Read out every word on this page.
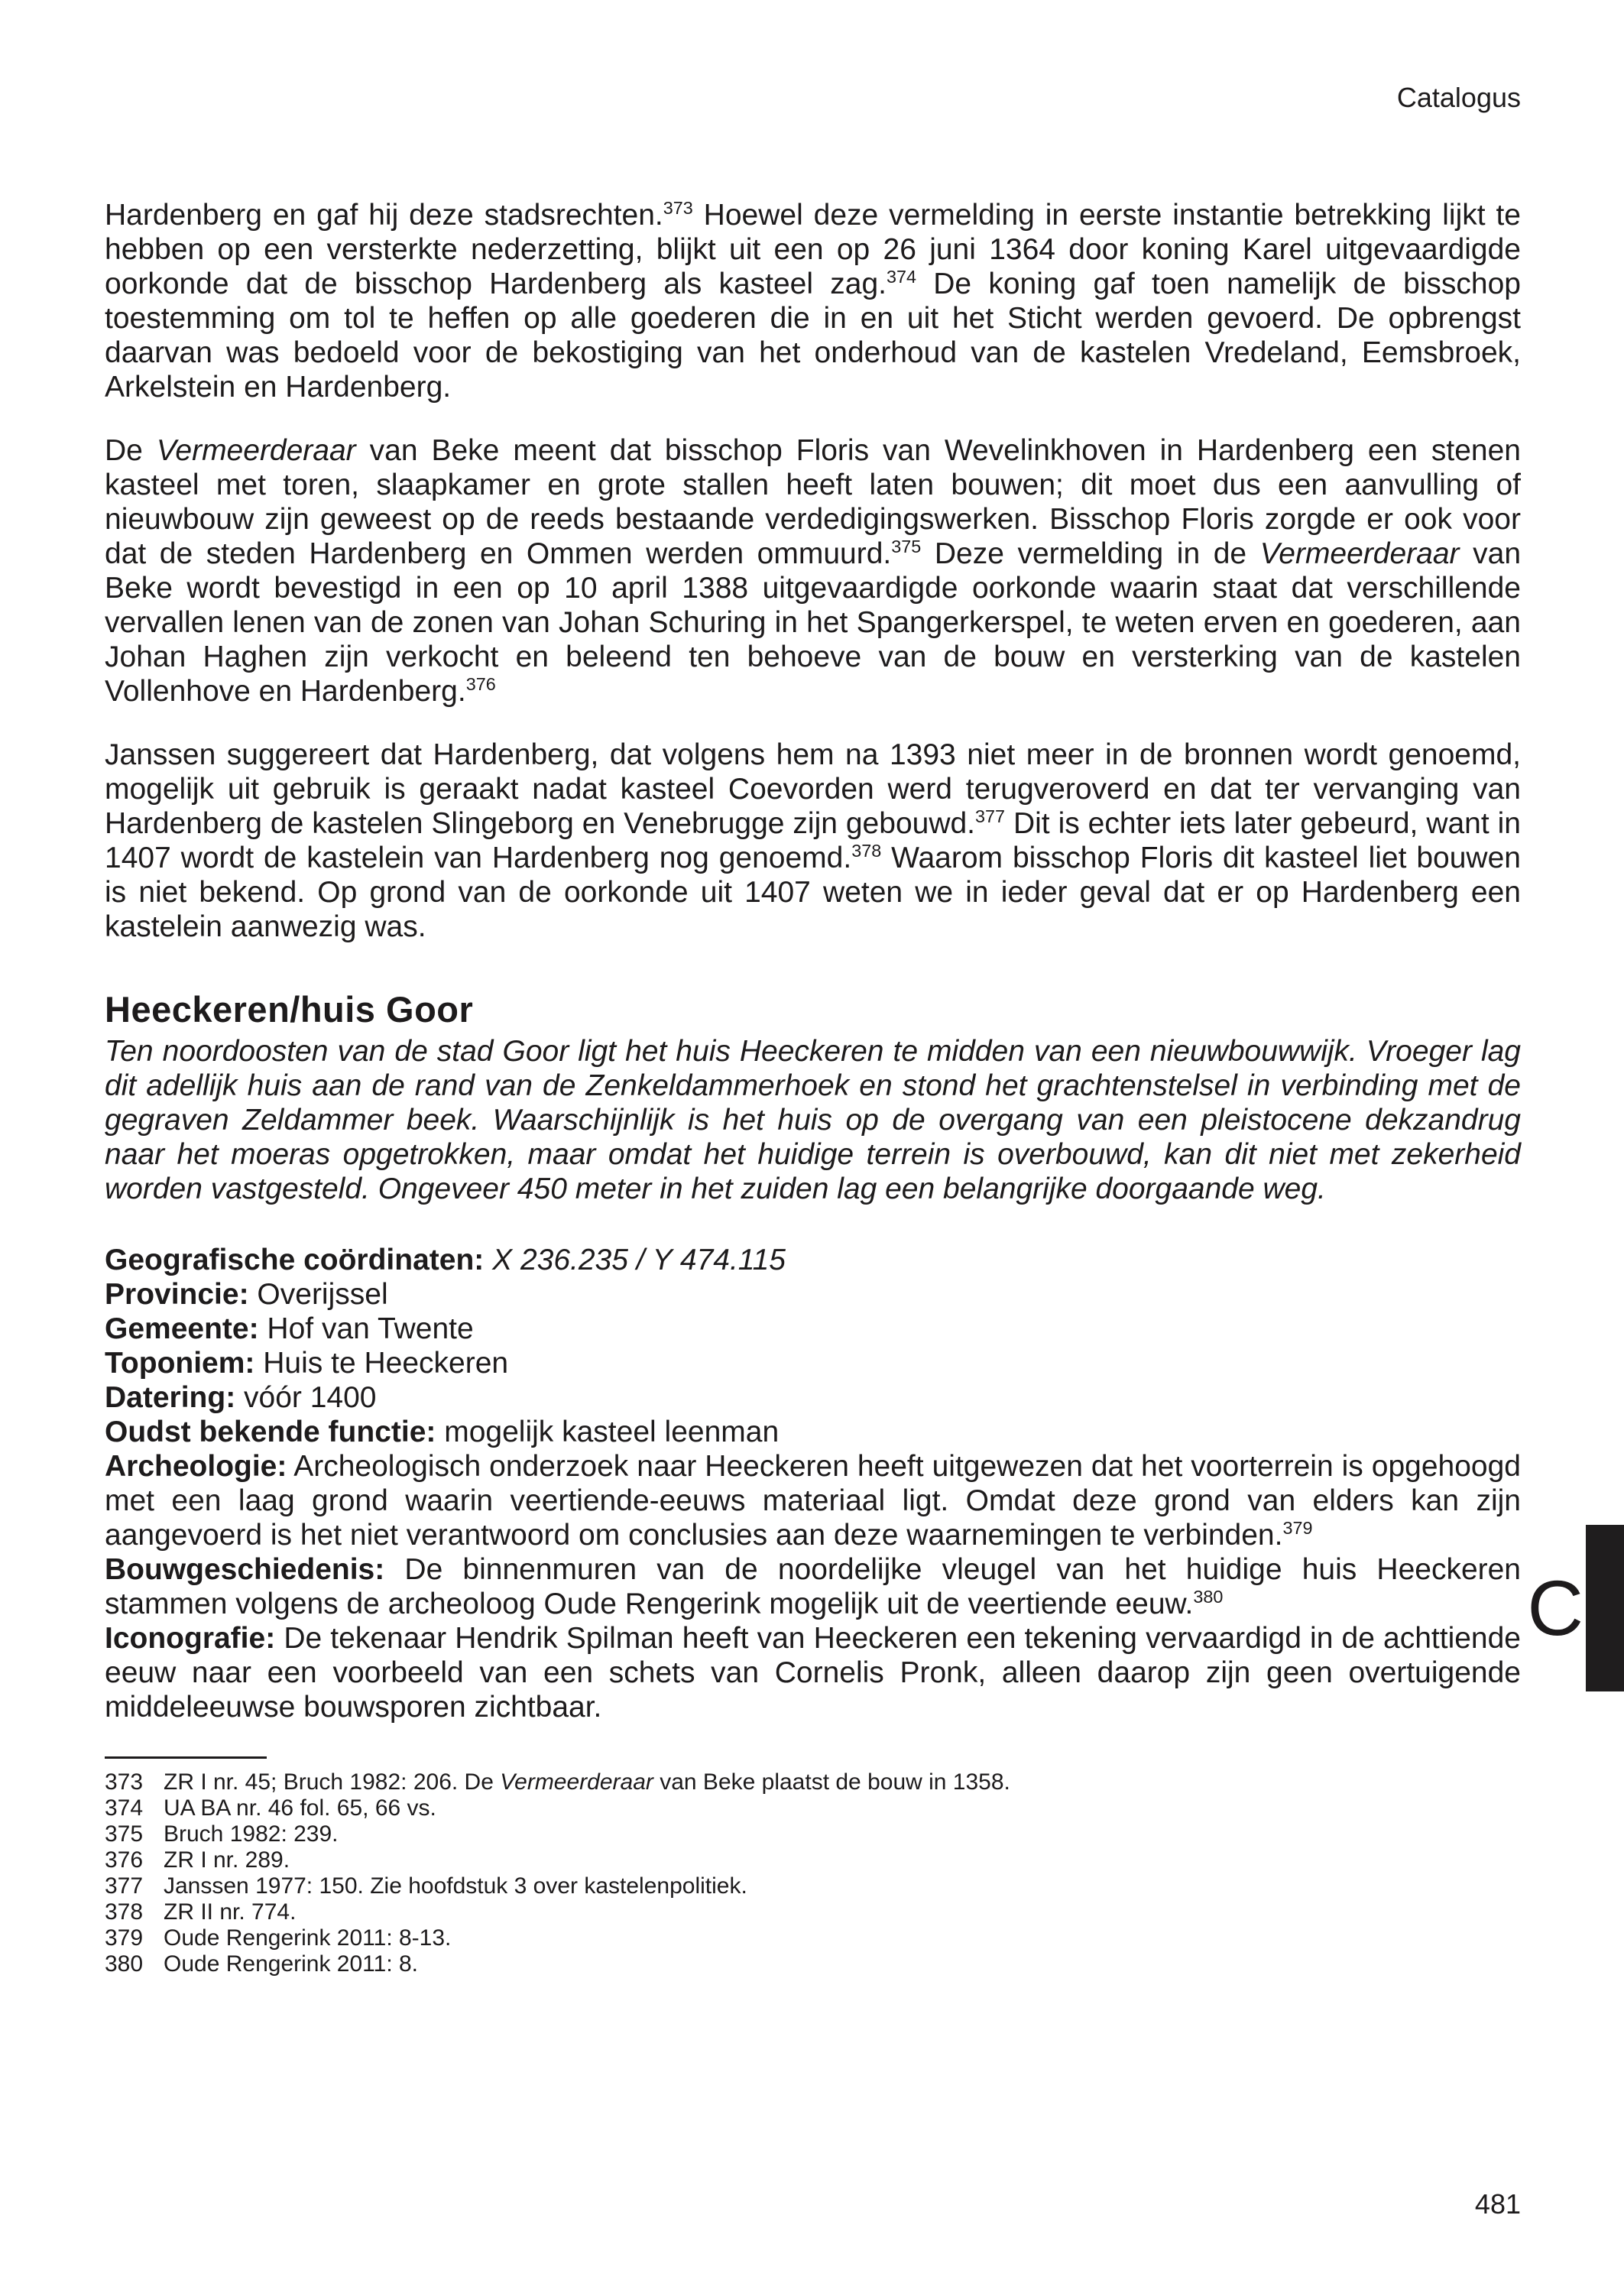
Catalogus

Hardenberg en gaf hij deze stadsrechten.$^{373}$ Hoewel deze vermelding in eerste instantie betrekking lijkt te hebben op een versterkte nederzetting, blijkt uit een op 26 juni 1364 door koning Karel uitgevaardigde oorkonde dat de bisschop Hardenberg als kasteel zag.$^{374}$ De koning gaf toen namelijk de bisschop toestemming om tol te heffen op alle goederen die in en uit het Sticht werden gevoerd. De opbrengst daarvan was bedoeld voor de bekostiging van het onderhoud van de kastelen Vredeland, Eemsbroek, Arkelstein en Hardenberg.

De Vermeerderaar van Beke meent dat bisschop Floris van Wevelinkhoven in Hardenberg een stenen kasteel met toren, slaapkamer en grote stallen heeft laten bouwen; dit moet dus een aanvulling of nieuwbouw zijn geweest op de reeds bestaande verdedigingswerken. Bisschop Floris zorgde er ook voor dat de steden Hardenberg en Ommen werden ommuurd.$^{375}$ Deze vermelding in de Vermeerderaar van Beke wordt bevestigd in een op 10 april 1388 uitgevaardigde oorkonde waarin staat dat verschillende vervallen lenen van de zonen van Johan Schuring in het Spangerkerspel, te weten erven en goederen, aan Johan Haghen zijn verkocht en beleend ten behoeve van de bouw en versterking van de kastelen Vollenhove en Hardenberg.$^{376}$

Janssen suggereert dat Hardenberg, dat volgens hem na 1393 niet meer in de bronnen wordt genoemd, mogelijk uit gebruik is geraakt nadat kasteel Coevorden werd terugveroverd en dat ter vervanging van Hardenberg de kastelen Slingeborg en Venebrugge zijn gebouwd.$^{377}$ Dit is echter iets later gebeurd, want in 1407 wordt de kastelein van Hardenberg nog genoemd.$^{378}$ Waarom bisschop Floris dit kasteel liet bouwen is niet bekend. Op grond van de oorkonde uit 1407 weten we in ieder geval dat er op Hardenberg een kastelein aanwezig was.

Heeckeren/huis Goor

Ten noordoosten van de stad Goor ligt het huis Heeckeren te midden van een nieuwbouwwijk. Vroeger lag dit adellijk huis aan de rand van de Zenkeldammerhoek en stond het grachtenstelsel in verbinding met de gegraven Zeldammer beek. Waarschijnlijk is het huis op de overgang van een pleistocene dekzandrug naar het moeras opgetrokken, maar omdat het huidige terrein is overbouwd, kan dit niet met zekerheid worden vastgesteld. Ongeveer 450 meter in het zuiden lag een belangrijke doorgaande weg.

Geografische coördinaten: X 236.235 / Y 474.115

Provincie: Overijssel

Gemeente: Hof van Twente

Toponiem: Huis te Heeckeren

Datering: vóór 1400

Oudst bekende functie: mogelijk kasteel leenman

Archeologie: Archeologisch onderzoek naar Heeckeren heeft uitgewezen dat het voorterrein is opgehoogd met een laag grond waarin veertiende-eeuws materiaal ligt. Omdat deze grond van elders kan zijn aangevoerd is het niet verantwoord om conclusies aan deze waarnemingen te verbinden.$^{379}$

Bouwgeschiedenis: De binnenmuren van de noordelijke vleugel van het huidige huis Heeckeren stammen volgens de archeoloog Oude Rengerink mogelijk uit de veertiende eeuw.$^{380}$

Iconografie: De tekenaar Hendrik Spilman heeft van Heeckeren een tekening vervaardigd in de achttiende eeuw naar een voorbeeld van een schets van Cornelis Pronk, alleen daarop zijn geen overtuigende middeleeuwse bouwsporen zichtbaar.

373 ZR I nr. 45; Bruch 1982: 206. De Vermeerderaar van Beke plaatst de bouw in 1358.
374 UA BA nr. 46 fol. 65, 66 vs.
375 Bruch 1982: 239.
376 ZR I nr. 289.
377 Janssen 1977: 150. Zie hoofdstuk 3 over kastelenpolitiek.
378 ZR II nr. 774.
379 Oude Rengerink 2011: 8-13.
380 Oude Rengerink 2011: 8.
C
481
